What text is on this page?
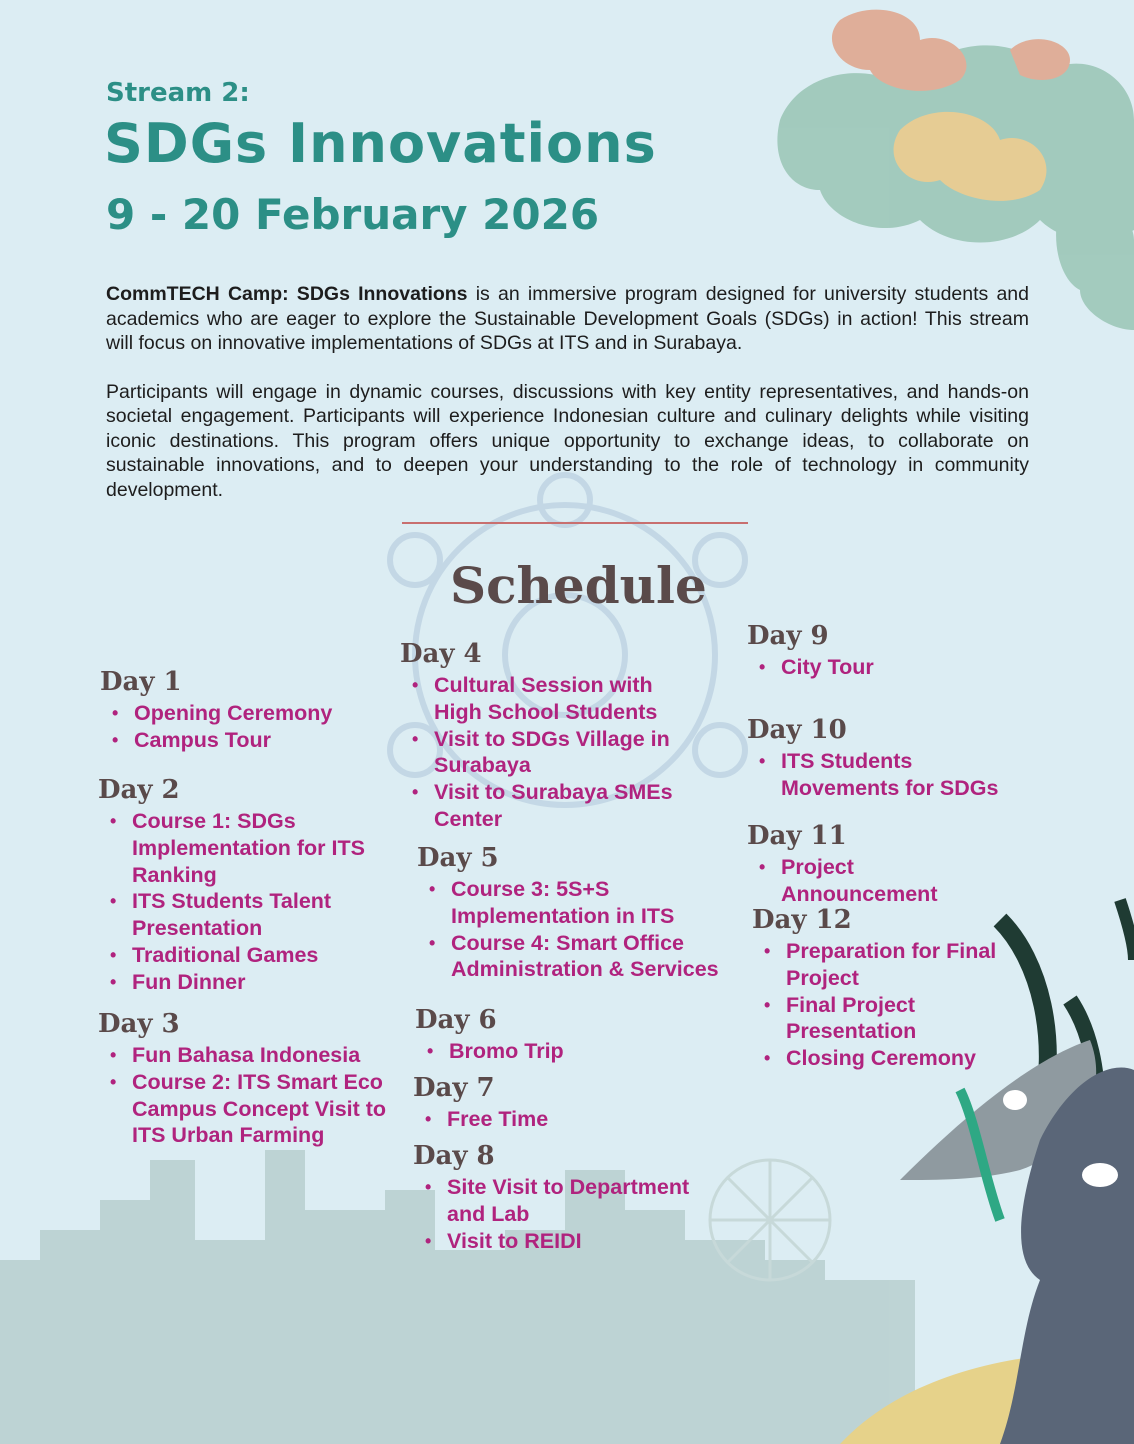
Stream 2:
SDGs Innovations
9 - 20 February 2026

CommTECH Camp: SDGs Innovations is an immersive program designed for university students and academics who are eager to explore the Sustainable Development Goals (SDGs) in action! This stream will focus on innovative implementations of SDGs at ITS and in Surabaya.

Participants will engage in dynamic courses, discussions with key entity representatives, and hands-on societal engagement. Participants will experience Indonesian culture and culinary delights while visiting iconic destinations. This program offers unique opportunity to exchange ideas, to collaborate on sustainable innovations, and to deepen your understanding to the role of technology in community development.

Schedule
Day 1
• Opening Ceremony
• Campus Tour
Day 2
• Course 1: SDGs Implementation for ITS Ranking
• ITS Students Talent Presentation
• Traditional Games
• Fun Dinner
Day 3
• Fun Bahasa Indonesia
• Course 2: ITS Smart Eco Campus Concept Visit to ITS Urban Farming
Day 4
• Cultural Session with High School Students
• Visit to SDGs Village in Surabaya
• Visit to Surabaya SMEs Center
Day 5
• Course 3: 5S+S Implementation in ITS
• Course 4: Smart Office Administration & Services
Day 6
• Bromo Trip
Day 7
• Free Time
Day 8
• Site Visit to Department and Lab
• Visit to REIDI
Day 9
• City Tour
Day 10
• ITS Students Movements for SDGs
Day 11
• Project Announcement
Day 12
• Preparation for Final Project
• Final Project Presentation
• Closing Ceremony
